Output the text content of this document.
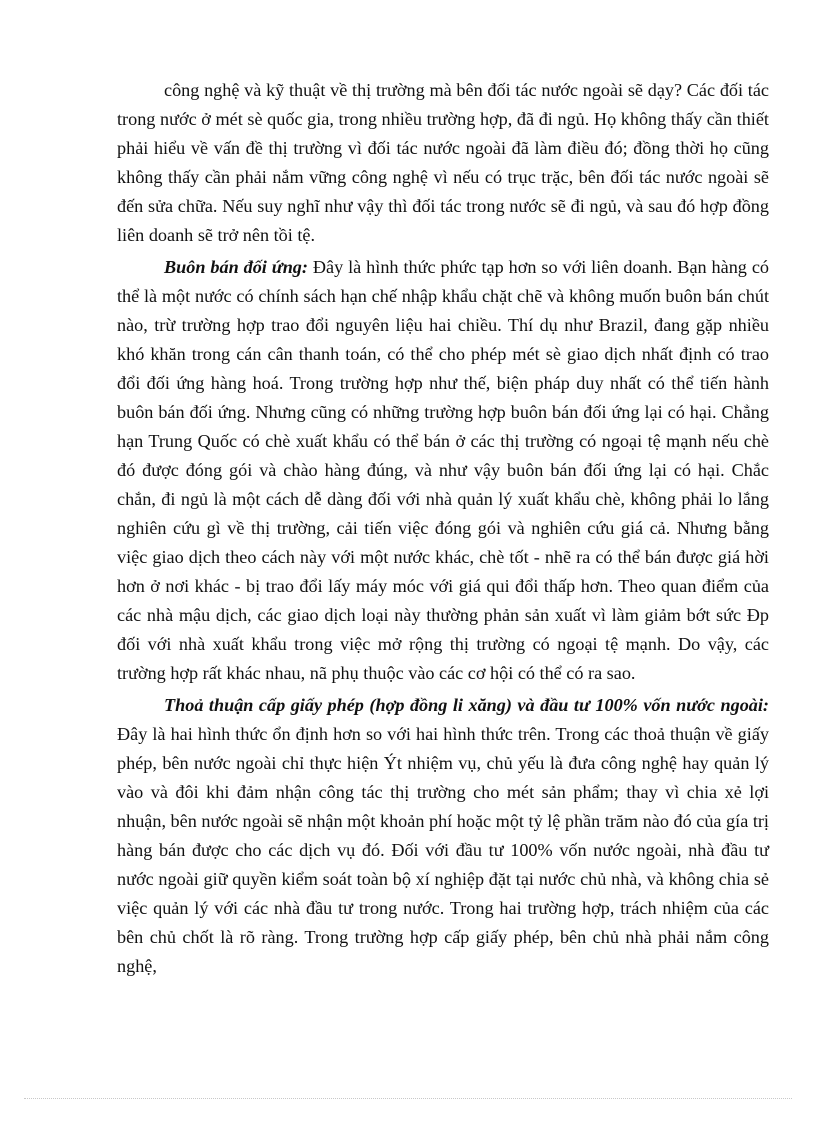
công nghệ và kỹ thuật về thị trường mà bên đối tác nước ngoài sẽ dạy? Các đối tác trong nước ở mét sè quốc gia, trong nhiều trường hợp, đã đi ngủ. Họ không thấy cần thiết phải hiểu về vấn đề thị trường vì đối tác nước ngoài đã làm điều đó; đồng thời họ cũng không thấy cần phải nắm vững công nghệ vì nếu có trục trặc, bên đối tác nước ngoài sẽ đến sửa chữa. Nếu suy nghĩ như vậy thì đối tác trong nước sẽ đi ngủ, và sau đó hợp đồng liên doanh sẽ trở nên tồi tệ.

Buôn bán đối ứng: Đây là hình thức phức tạp hơn so với liên doanh. Bạn hàng có thể là một nước có chính sách hạn chế nhập khẩu chặt chẽ và không muốn buôn bán chút nào, trừ trường hợp trao đổi nguyên liệu hai chiều. Thí dụ như Brazil, đang gặp nhiều khó khăn trong cán cân thanh toán, có thể cho phép mét sè giao dịch nhất định có trao đổi đối ứng hàng hoá. Trong trường hợp như thế, biện pháp duy nhất có thể tiến hành buôn bán đối ứng. Nhưng cũng có những trường hợp buôn bán đối ứng lại có hại. Chẳng hạn Trung Quốc có chè xuất khẩu có thể bán ở các thị trường có ngoại tệ mạnh nếu chè đó được đóng gói và chào hàng đúng, và như vậy buôn bán đối ứng lại có hại. Chắc chắn, đi ngủ là một cách dễ dàng đối với nhà quản lý xuất khẩu chè, không phải lo lắng nghiên cứu gì về thị trường, cải tiến việc đóng gói và nghiên cứu giá cả. Nhưng bằng việc giao dịch theo cách này với một nước khác, chè tốt - nhẽ ra có thể bán được giá hời hơn ở nơi khác - bị trao đổi lấy máy móc với giá qui đổi thấp hơn. Theo quan điểm của các nhà mậu dịch, các giao dịch loại này thường phản sản xuất vì làm giảm bớt sức Ðp đối với nhà xuất khẩu trong việc mở rộng thị trường có ngoại tệ mạnh. Do vậy, các trường hợp rất khác nhau, nã phụ thuộc vào các cơ hội có thể có ra sao.

Thoả thuận cấp giấy phép (hợp đồng li xăng) và đầu tư 100% vốn nước ngoài: Đây là hai hình thức ổn định hơn so với hai hình thức trên. Trong các thoả thuận về giấy phép, bên nước ngoài chỉ thực hiện Ýt nhiệm vụ, chủ yếu là đưa công nghệ hay quản lý vào và đôi khi đảm nhận công tác thị trường cho mét sản phẩm; thay vì chia xẻ lợi nhuận, bên nước ngoài sẽ nhận một khoản phí hoặc một tỷ lệ phần trăm nào đó của gía trị hàng bán được cho các dịch vụ đó. Đối với đầu tư 100% vốn nước ngoài, nhà đầu tư nước ngoài giữ quyền kiểm soát toàn bộ xí nghiệp đặt tại nước chủ nhà, và không chia sẻ việc quản lý với các nhà đầu tư trong nước. Trong hai trường hợp, trách nhiệm của các bên chủ chốt là rõ ràng. Trong trường hợp cấp giấy phép, bên chủ nhà phải nắm công nghệ,
